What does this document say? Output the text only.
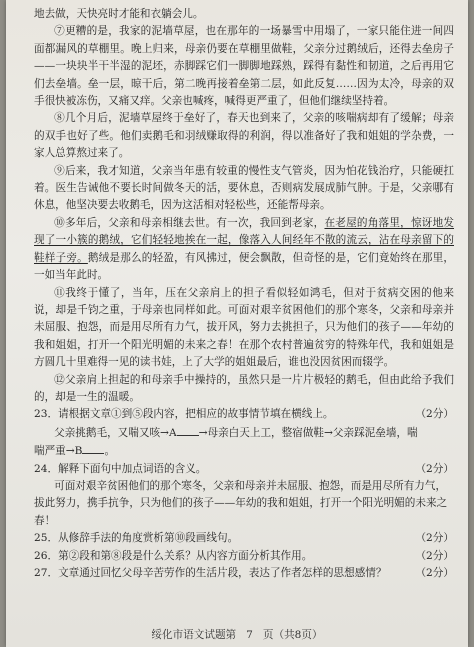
地去做，天快亮时才能和衣躺会儿。

⑦更糟的是，我家的泥墙草屋，也在那年的一场暴雪中用塌了，一家只能住进一间四面都漏风的草棚里。晚上归来，母亲仍要在草棚里做鞋，父亲分过鹅绒后，还得去垒房子——一块块半干半湿的泥坯，赤脚踩它们一脚脚地踩熟，踩得有黏性和韧道，之后再用它们去垒墙。垒一层，晾干后，第二晚再接着垒第二层，如此反复……因为太冷，母亲的双手很快被冻伤，又痛又痒。父亲也喊疼，喊得更严重了，但他们继续坚持着。

⑧几个月后，泥墙草屋终于垒好了，春天也到来了，父亲的咳喘病却有了缓解；母亲的双手也好了些。他们卖鹅毛和羽绒赚取得的利润，得以准备好了我和姐姐的学杂费，一家人总算熬过来了。

⑨后来，我才知道，父亲当年患有较重的慢性支气管炎，因为怕花钱治疗，只能硬扛着。医生告诫他不要长时间做冬天的活，要休息，否则病发展成肺气肿。于是，父亲哪有休息，他坚决要去收鹅毛，因为这活相对轻松些，还能帮母亲。

⑩多年后，父亲和母亲相继去世。有一次，我回到老家，在老屋的角落里，惊讶地发现了一小簇的鹅绒，它们轻轻地挨在一起，像落入人间经年不散的流云，沾在母亲留下的鞋样子旁。鹅绒是那么的轻盈，有风拂过，便会飘散，但奇怪的是，它们竟始终在那里，一如当年此时。

⑪我终于懂了，当年，压在父亲肩上的担子看似轻如鸿毛，但对于贫病交困的他来说，却是千钧之重，于母亲也同样如此。可面对艰辛贫困他们的那个寒冬，父亲和母亲并未屈服、抱怨，而是用尽所有力气，拔开风，努力去挑担子，只为他们的孩子——年幼的我和姐姐，打开一个阳光明媚的未来之春！在那个农村普遍贫穷的特殊年代，我和姐姐是方圆几十里难得一见的读书娃，上了大学的姐姐最后，谁也没因贫困而辍学。

⑫父亲肩上担起的和母亲手中操持的，虽然只是一片片极轻的鹅毛，但由此给予我们的，却是一生的温暖。

23．请根据文章①到⑤段内容，把相应的故事情节填在横线上。	（2分）

父亲挑鹅毛，又喘又咳→A →母亲白天上工，整宿做鞋→父亲踩泥垒墙，喘

喘严重→B 。

24．解释下面句中加点词语的含义。	（2分）

可面对艰辛贫困他们的那个寒冬，父亲和母亲并未屈服、抱怨，而是用尽所有力气，拔此努力，携手抗争，只为他们的孩子——年幼的我和姐姐，打开一个阳光明媚的未来之春！

25．从修辞手法的角度赏析第⑩段画线句。	（2分）
26．第②段和第⑧段是什么关系？从内容方面分析其作用。	（2分）
27．文章通过回忆父母辛苦劳作的生活片段，表达了作者怎样的思想感情？	（2分）
绥化市语文试题第 7 页（共8页）
